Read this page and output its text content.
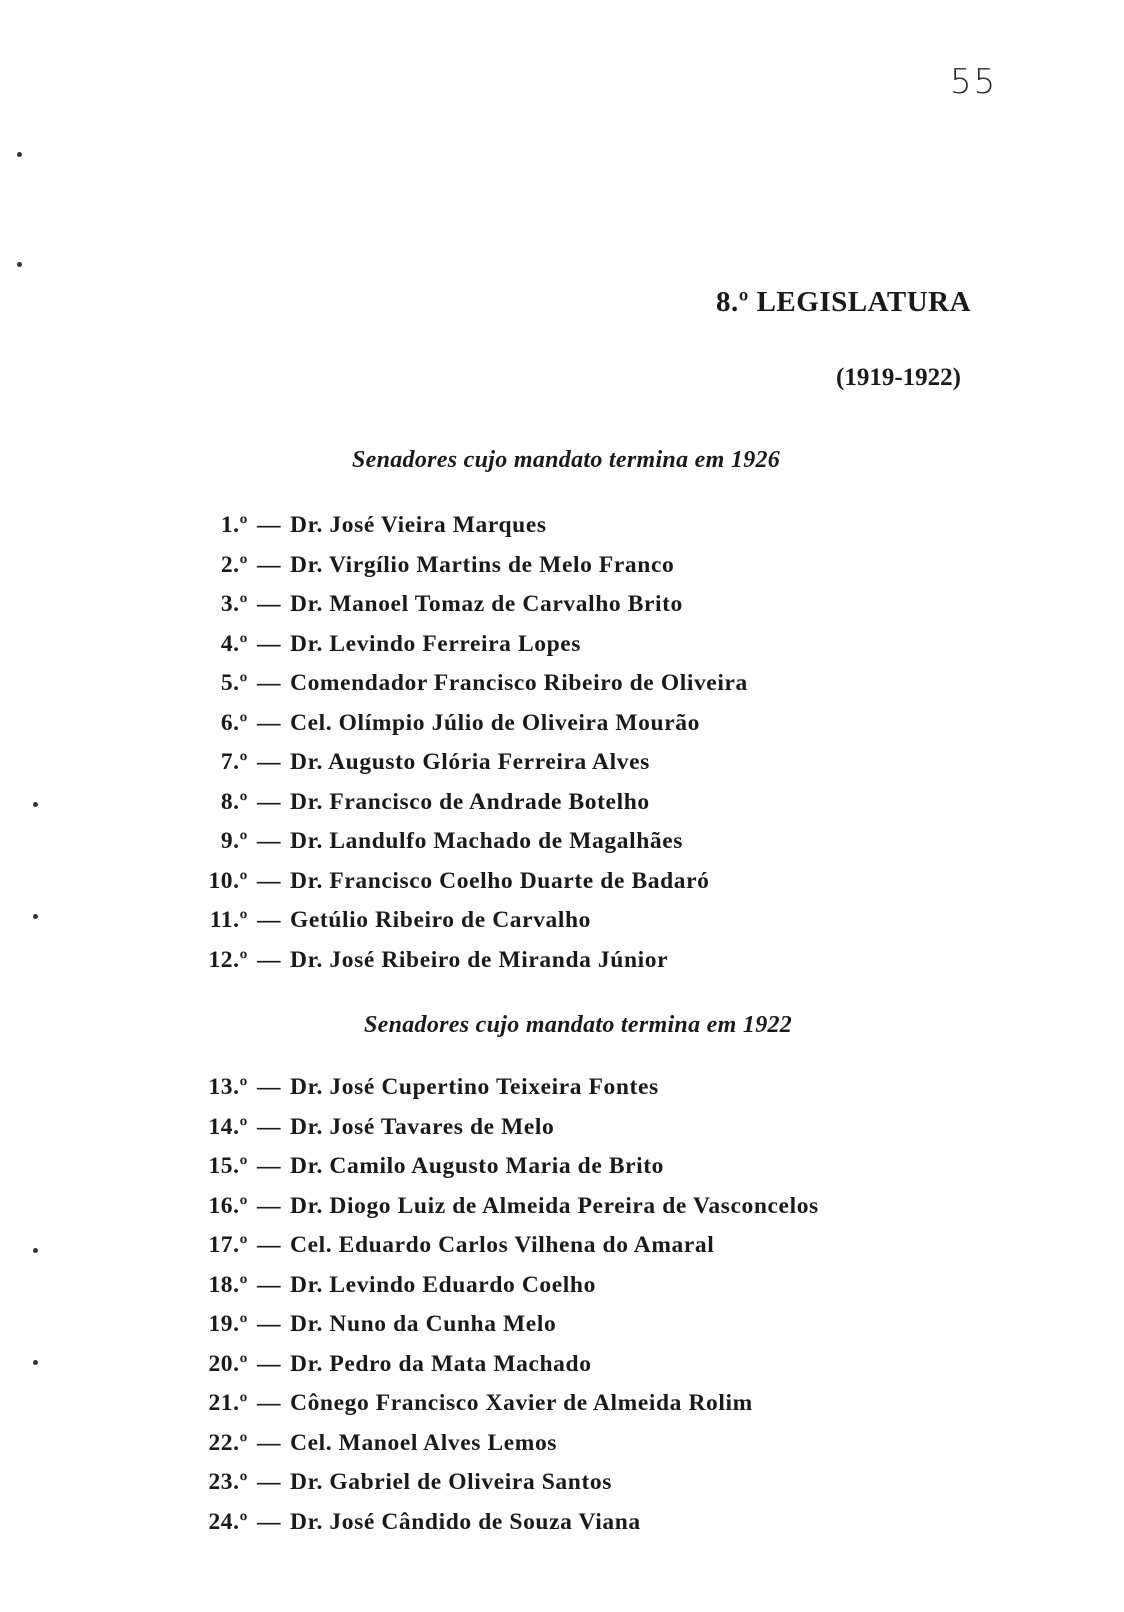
55
8.º LEGISLATURA
(1919-1922)
Senadores cujo mandato termina em 1926
1.º — Dr. José Vieira Marques
2.º — Dr. Virgílio Martins de Melo Franco
3.º — Dr. Manoel Tomaz de Carvalho Brito
4.º — Dr. Levindo Ferreira Lopes
5.º — Comendador Francisco Ribeiro de Oliveira
6.º — Cel. Olímpio Júlio de Oliveira Mourão
7.º — Dr. Augusto Glória Ferreira Alves
8.º — Dr. Francisco de Andrade Botelho
9.º — Dr. Landulfo Machado de Magalhães
10.º — Dr. Francisco Coelho Duarte de Badaró
11.º — Getúlio Ribeiro de Carvalho
12.º — Dr. José Ribeiro de Miranda Júnior
Senadores cujo mandato termina em 1922
13.º — Dr. José Cupertino Teixeira Fontes
14.º — Dr. José Tavares de Melo
15.º — Dr. Camilo Augusto Maria de Brito
16.º — Dr. Diogo Luiz de Almeida Pereira de Vasconcelos
17.º — Cel. Eduardo Carlos Vilhena do Amaral
18.º — Dr. Levindo Eduardo Coelho
19.º — Dr. Nuno da Cunha Melo
20.º — Dr. Pedro da Mata Machado
21.º — Cônego Francisco Xavier de Almeida Rolim
22.º — Cel. Manoel Alves Lemos
23.º — Dr. Gabriel de Oliveira Santos
24.º — Dr. José Cândido de Souza Viana
